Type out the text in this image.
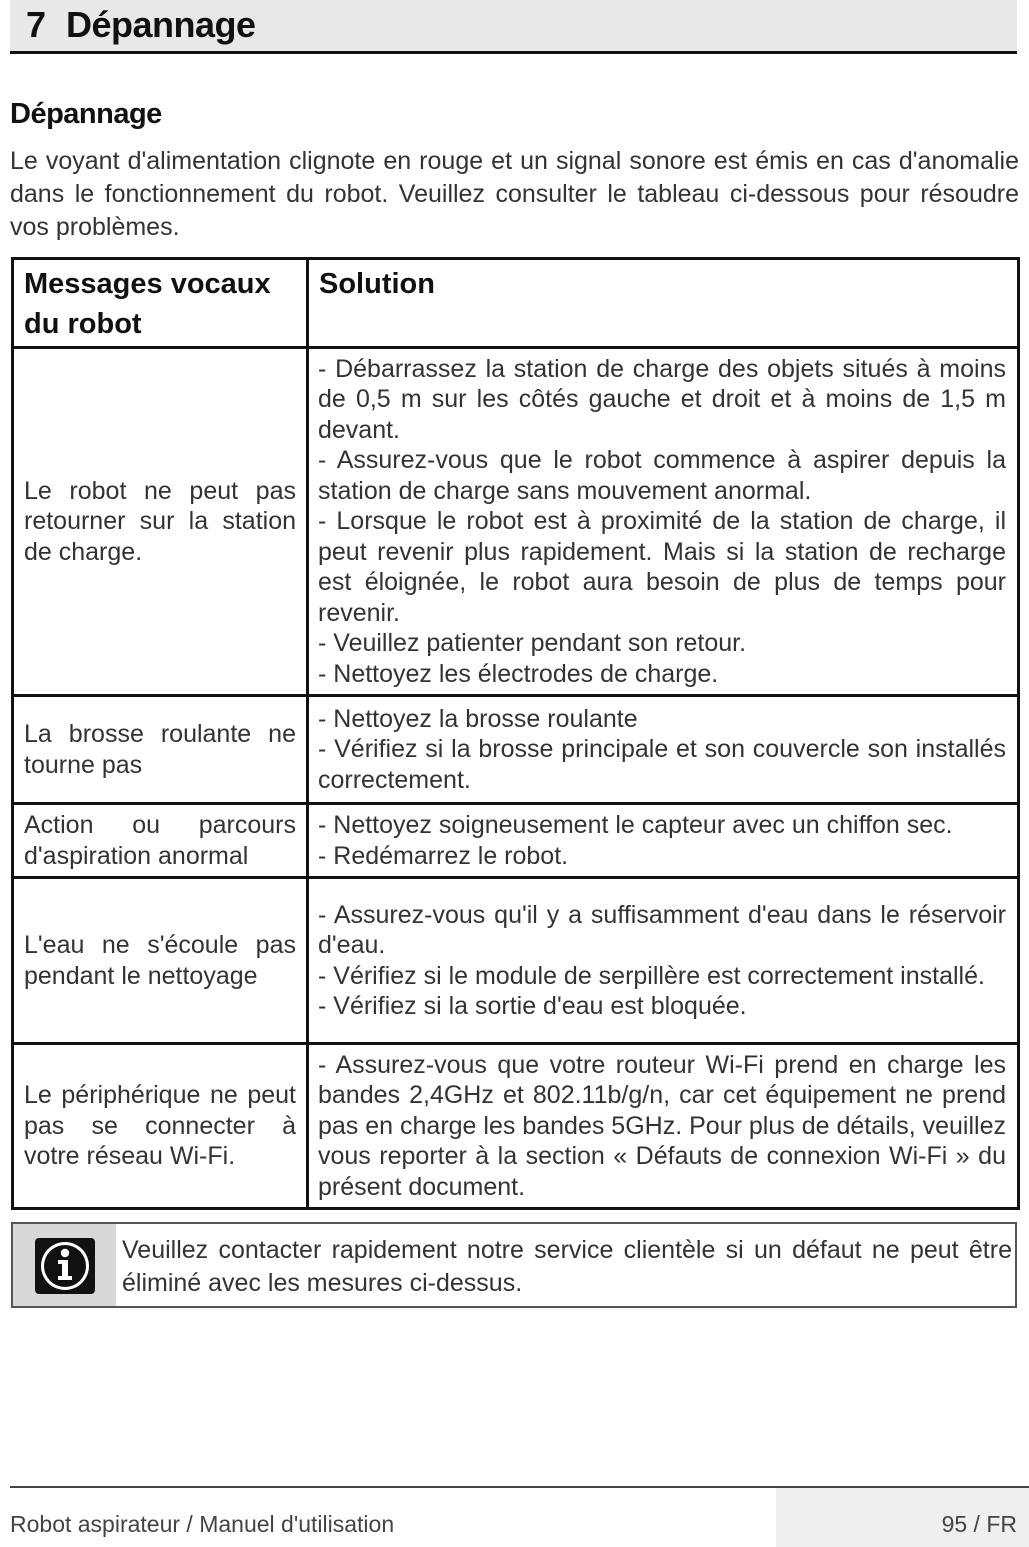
7 Dépannage
Dépannage

Le voyant d'alimentation clignote en rouge et un signal sonore est émis en cas d'anomalie dans le fonctionnement du robot. Veuillez consulter le tableau ci-dessous pour résoudre vos problèmes.

Messages vocaux du robot	Solution
Le robot ne peut pas retourner sur la station de charge.	- Débarrassez la station de charge des objets situés à moins de 0,5 m sur les côtés gauche et droit et à moins de 1,5 m devant.
- Assurez-vous que le robot commence à aspirer depuis la station de charge sans mouvement anormal.
- Lorsque le robot est à proximité de la station de charge, il peut revenir plus rapidement. Mais si la station de recharge est éloignée, le robot aura besoin de plus de temps pour revenir.
- Veuillez patienter pendant son retour.
- Nettoyez les électrodes de charge.

La brosse roulante ne tourne pas	- Nettoyez la brosse roulante
- Vérifiez si la brosse principale et son couvercle son installés correctement.

Action ou parcours d'aspiration anormal	- Nettoyez soigneusement le capteur avec un chiffon sec.
- Redémarrez le robot.

L'eau ne s'écoule pas pendant le nettoyage	- Assurez-vous qu'il y a suffisamment d'eau dans le réservoir d'eau.
- Vérifiez si le module de serpillère est correctement installé.
- Vérifiez si la sortie d'eau est bloquée.

Le périphérique ne peut pas se connecter à votre réseau Wi-Fi.	- Assurez-vous que votre routeur Wi-Fi prend en charge les bandes 2,4GHz et 802.11b/g/n, car cet équipement ne prend pas en charge les bandes 5GHz. Pour plus de détails, veuillez vous reporter à la section « Défauts de connexion Wi-Fi » du présent document.

Veuillez contacter rapidement notre service clientèle si un défaut ne peut être éliminé avec les mesures ci-dessus.

Robot aspirateur / Manuel d'utilisation	95 / FR
